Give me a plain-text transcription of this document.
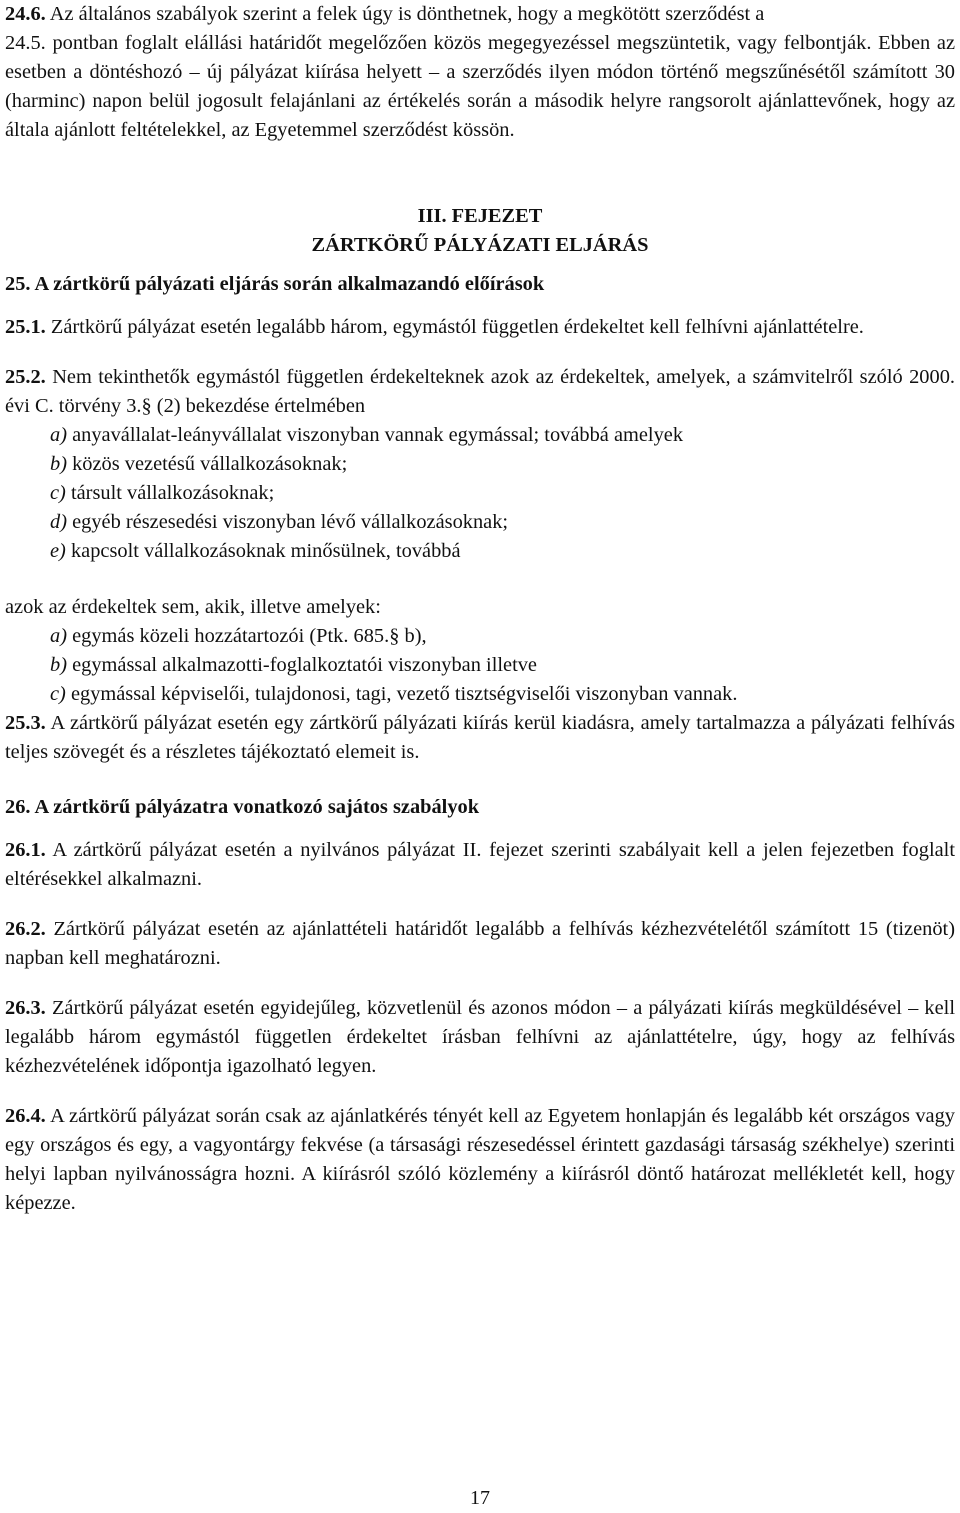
24.6. Az általános szabályok szerint a felek úgy is dönthetnek, hogy a megkötött szerződést a
24.5. pontban foglalt elállási határidőt megelőzően közös megegyezéssel megszüntetik, vagy felbontják. Ebben az esetben a döntéshozó ‒ új pályázat kiírása helyett ‒ a szerződés ilyen módon történő megszűnésétől számított 30 (harminc) napon belül jogosult felajánlani az értékelés során a második helyre rangsorolt ajánlattevőnek, hogy az általa ajánlott feltételekkel, az Egyetemmel szerződést kössön.

III. FEJEZET

ZÁRTKÖRŰ PÁLYÁZATI ELJÁRÁS

25. A zártkörű pályázati eljárás során alkalmazandó előírások

25.1. Zártkörű pályázat esetén legalább három, egymástól független érdekeltet kell felhívni ajánlattételre.

25.2. Nem tekinthetők egymástól független érdekelteknek azok az érdekeltek, amelyek, a számvitelről szóló 2000. évi C. törvény 3.§ (2) bekezdése értelmében

a) anyavállalat-leányvállalat viszonyban vannak egymással; továbbá amelyek

b) közös vezetésű vállalkozásoknak;

c) társult vállalkozásoknak;

d) egyéb részesedési viszonyban lévő vállalkozásoknak;

e) kapcsolt vállalkozásoknak minősülnek, továbbá

azok az érdekeltek sem, akik, illetve amelyek:

a) egymás közeli hozzátartozói (Ptk. 685.§ b),

b) egymással alkalmazotti-foglalkoztatói viszonyban illetve

c) egymással képviselői, tulajdonosi, tagi, vezető tisztségviselői viszonyban vannak.

25.3. A zártkörű pályázat esetén egy zártkörű pályázati kiírás kerül kiadásra, amely tartalmazza a pályázati felhívás teljes szövegét és a részletes tájékoztató elemeit is.

26. A zártkörű pályázatra vonatkozó sajátos szabályok

26.1. A zártkörű pályázat esetén a nyilvános pályázat II. fejezet szerinti szabályait kell a jelen fejezetben foglalt eltérésekkel alkalmazni.

26.2. Zártkörű pályázat esetén az ajánlattételi határidőt legalább a felhívás kézhezvételétől számított 15 (tizenöt) napban kell meghatározni.

26.3. Zártkörű pályázat esetén egyidejűleg, közvetlenül és azonos módon ‒ a pályázati kiírás megküldésével ‒ kell legalább három egymástól független érdekeltet írásban felhívni az ajánlattételre, úgy, hogy az felhívás kézhezvételének időpontja igazolható legyen.

26.4. A zártkörű pályázat során csak az ajánlatkérés tényét kell az Egyetem honlapján és legalább két országos vagy egy országos és egy, a vagyontárgy fekvése (a társasági részesedéssel érintett gazdasági társaság székhelye) szerinti helyi lapban nyilvánosságra hozni. A kiírásról szóló közlemény a kiírásról döntő határozat mellékletét kell, hogy képezze.

17
